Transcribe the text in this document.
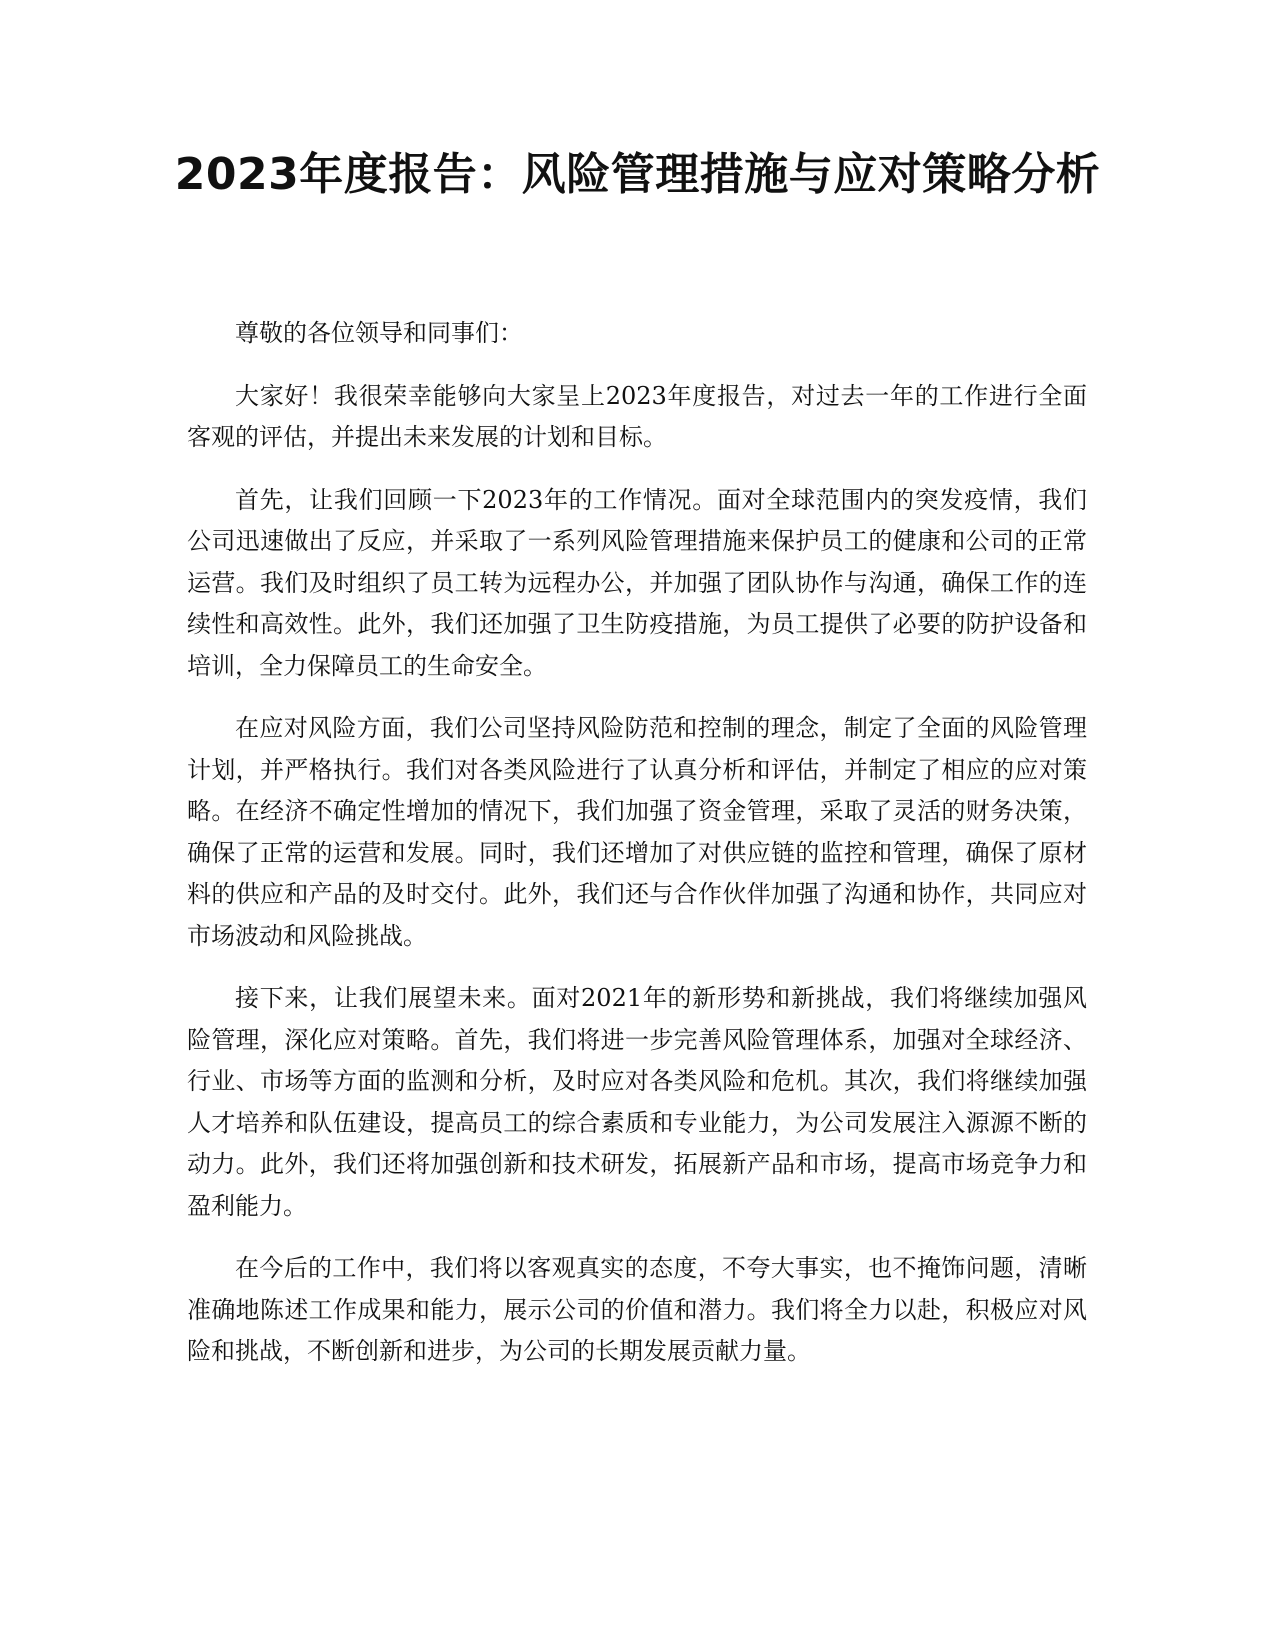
2023年度报告：风险管理措施与应对策略分析

尊敬的各位领导和同事们：

大家好！我很荣幸能够向大家呈上2023年度报告，对过去一年的工作进行全面客观的评估，并提出未来发展的计划和目标。

首先，让我们回顾一下2023年的工作情况。面对全球范围内的突发疫情，我们公司迅速做出了反应，并采取了一系列风险管理措施来保护员工的健康和公司的正常运营。我们及时组织了员工转为远程办公，并加强了团队协作与沟通，确保工作的连续性和高效性。此外，我们还加强了卫生防疫措施，为员工提供了必要的防护设备和培训，全力保障员工的生命安全。

在应对风险方面，我们公司坚持风险防范和控制的理念，制定了全面的风险管理计划，并严格执行。我们对各类风险进行了认真分析和评估，并制定了相应的应对策略。在经济不确定性增加的情况下，我们加强了资金管理，采取了灵活的财务决策，确保了正常的运营和发展。同时，我们还增加了对供应链的监控和管理，确保了原材料的供应和产品的及时交付。此外，我们还与合作伙伴加强了沟通和协作，共同应对市场波动和风险挑战。

接下来，让我们展望未来。面对2021年的新形势和新挑战，我们将继续加强风险管理，深化应对策略。首先，我们将进一步完善风险管理体系，加强对全球经济、行业、市场等方面的监测和分析，及时应对各类风险和危机。其次，我们将继续加强人才培养和队伍建设，提高员工的综合素质和专业能力，为公司发展注入源源不断的动力。此外，我们还将加强创新和技术研发，拓展新产品和市场，提高市场竞争力和盈利能力。

在今后的工作中，我们将以客观真实的态度，不夸大事实，也不掩饰问题，清晰准确地陈述工作成果和能力，展示公司的价值和潜力。我们将全力以赴，积极应对风险和挑战，不断创新和进步，为公司的长期发展贡献力量。
